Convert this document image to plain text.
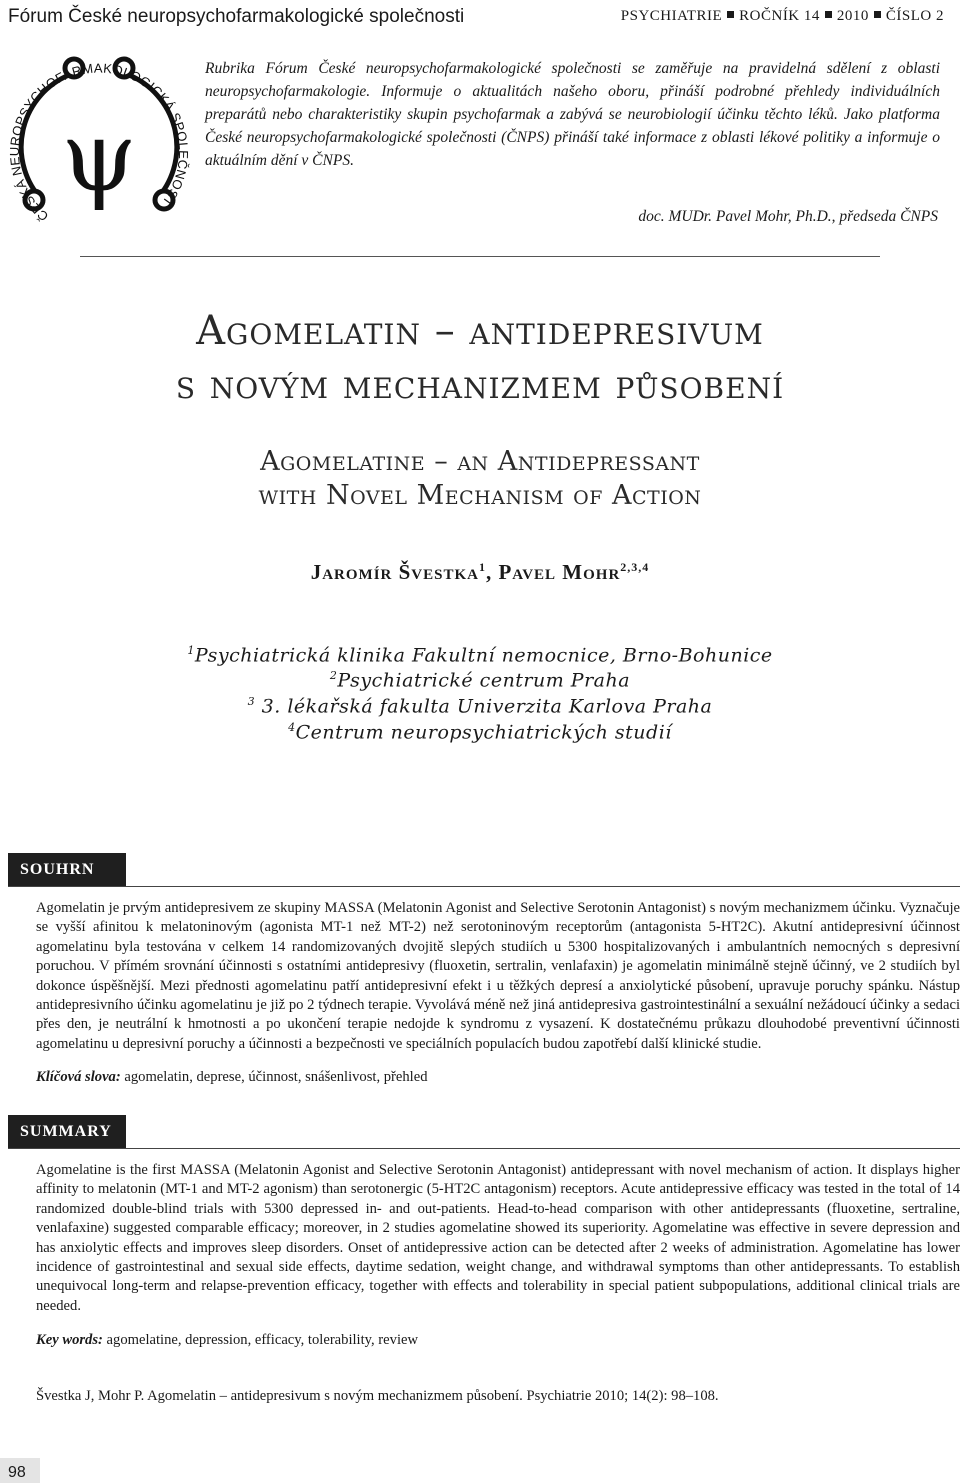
Fórum České neuropsychofarmakologické společnosti	PSYCHIATRIE ROČNÍK 14 2010 ČÍSLO 2
ČESKÁ NEUROPSYCHOFARMAKOLOGICKÁ SPOLEČNOST
ψ
Rubrika Fórum České neuropsychofarmakologické společnosti se zaměřuje na pravidelná sdělení z oblasti neuropsychofarmakologie. Informuje o aktualitách našeho oboru, přináší podrobné přehledy individuálních preparátů nebo charakteristiky skupin psychofarmak a zabývá se neurobiologií účinku těchto léků. Jako platforma České neuropsychofarmakologické společnosti (ČNPS) přináší také informace z oblasti lékové politiky a informuje o aktuálním dění v ČNPS.
doc. MUDr. Pavel Mohr, Ph.D., předseda ČNPS
Agomelatin – antidepresivum
s novým mechanizmem působení
Agomelatine – an Antidepressant
with Novel Mechanism of Action
Jaromír Švestka$^1$, Pavel Mohr$^{2,3,4}$
$^1$Psychiatrická klinika Fakultní nemocnice, Brno-Bohunice
$^2$Psychiatrické centrum Praha
$^3$ 3. lékařská fakulta Univerzita Karlova Praha
$^4$Centrum neuropsychiatrických studií
SOUHRN
Agomelatin je prvým antidepresivem ze skupiny MASSA (Melatonin Agonist and Selective Serotonin Antagonist) s novým mechanizmem účinku. Vyznačuje se vyšší afinitou k melatoninovým (agonista MT-1 než MT-2) než serotoninovým receptorům (antagonista 5-HT2C). Akutní antidepresivní účinnost agomelatinu byla testována v celkem 14 randomizovaných dvojitě slepých studiích u 5300 hospitalizovaných i ambulantních nemocných s depresivní poruchou. V přímém srovnání účinnosti s ostatními antidepresivy (fluoxetin, sertralin, venlafaxin) je agomelatin minimálně stejně účinný, ve 2 studiích byl dokonce úspěšnější. Mezi přednosti agomelatinu patří antidepresivní efekt i u těžkých depresí a anxiolytické působení, upravuje poruchy spánku. Nástup antidepresivního účinku agomelatinu je již po 2 týdnech terapie. Vyvolává méně než jiná antidepresiva gastrointestinální a sexuální nežádoucí účinky a sedaci přes den, je neutrální k hmotnosti a po ukončení terapie nedojde k syndromu z vysazení. K dostatečnému průkazu dlouhodobé preventivní účinnosti agomelatinu u depresivní poruchy a účinnosti a bezpečnosti ve speciálních populacích budou zapotřebí další klinické studie.
Klíčová slova: agomelatin, deprese, účinnost, snášenlivost, přehled
SUMMARY
Agomelatine is the first MASSA (Melatonin Agonist and Selective Serotonin Antagonist) antidepressant with novel mechanism of action. It displays higher affinity to melatonin (MT-1 and MT-2 agonism) than serotonergic (5-HT2C antagonism) receptors. Acute antidepressive efficacy was tested in the total of 14 randomized double-blind trials with 5300 depressed in- and out-patients. Head-to-head comparison with other antidepressants (fluoxetine, sertraline, venlafaxine) suggested comparable efficacy; moreover, in 2 studies agomelatine showed its superiority. Agomelatine was effective in severe depression and has anxiolytic effects and improves sleep disorders. Onset of antidepressive action can be detected after 2 weeks of administration. Agomelatine has lower incidence of gastrointestinal and sexual side effects, daytime sedation, weight change, and withdrawal symptoms than other antidepressants. To establish unequivocal long-term and relapse-prevention efficacy, together with effects and tolerability in special patient subpopulations, additional clinical trials are needed.
Key words: agomelatine, depression, efficacy, tolerability, review
Švestka J, Mohr P. Agomelatin – antidepresivum s novým mechanizmem působení. Psychiatrie 2010; 14(2): 98–108.
98
